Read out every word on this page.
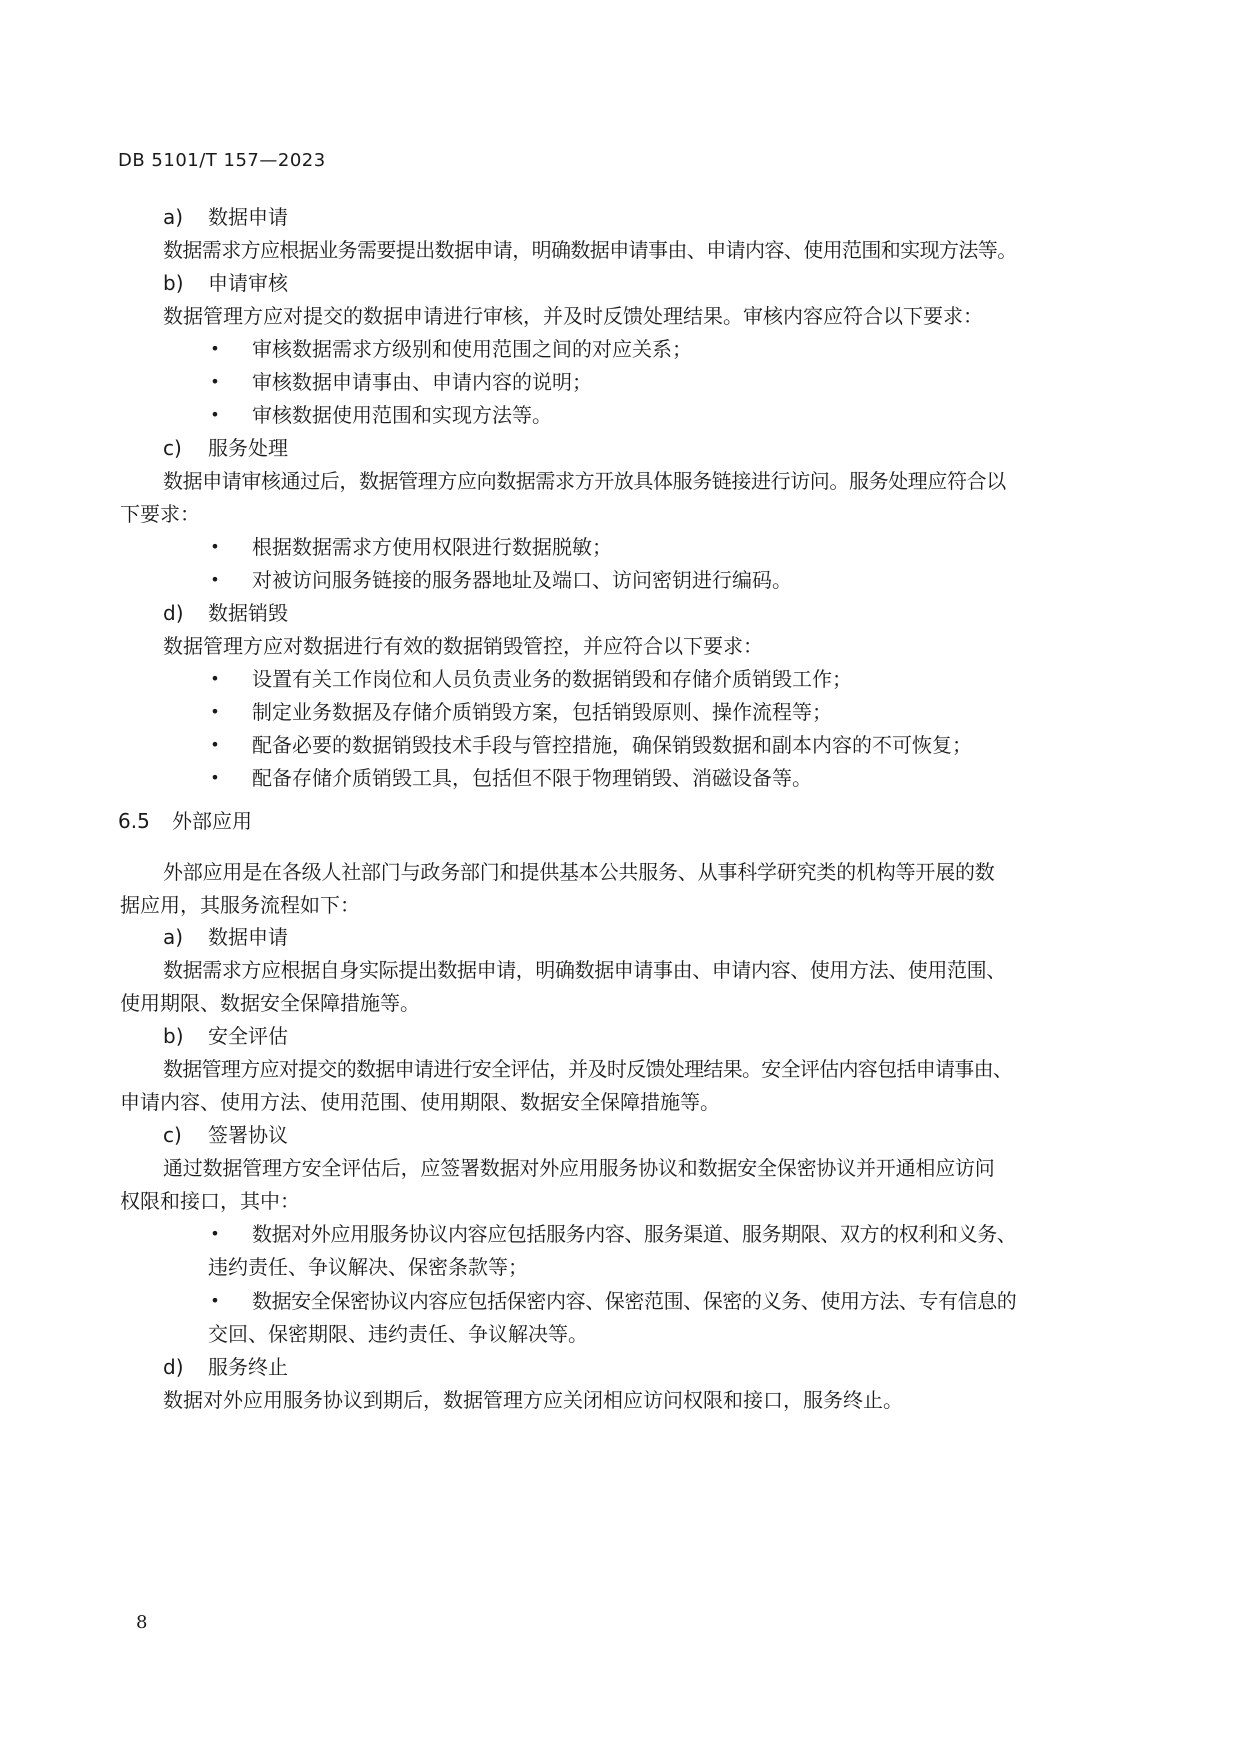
DB 5101/T 157—2023
a)	数据申请
数据需求方应根据业务需要提出数据申请，明确数据申请事由、申请内容、使用范围和实现方法等。
b)	申请审核
数据管理方应对提交的数据申请进行审核，并及时反馈处理结果。审核内容应符合以下要求：
• 审核数据需求方级别和使用范围之间的对应关系；
• 审核数据申请事由、申请内容的说明；
• 审核数据使用范围和实现方法等。
c)	服务处理
数据申请审核通过后，数据管理方应向数据需求方开放具体服务链接进行访问。服务处理应符合以
下要求：
• 根据数据需求方使用权限进行数据脱敏；
• 对被访问服务链接的服务器地址及端口、访问密钥进行编码。
d)	数据销毁
数据管理方应对数据进行有效的数据销毁管控，并应符合以下要求：
• 设置有关工作岗位和人员负责业务的数据销毁和存储介质销毁工作；
• 制定业务数据及存储介质销毁方案，包括销毁原则、操作流程等；
• 配备必要的数据销毁技术手段与管控措施，确保销毁数据和副本内容的不可恢复；
• 配备存储介质销毁工具，包括但不限于物理销毁、消磁设备等。
6.5 外部应用
外部应用是在各级人社部门与政务部门和提供基本公共服务、从事科学研究类的机构等开展的数
据应用，其服务流程如下：
a)	数据申请
数据需求方应根据自身实际提出数据申请，明确数据申请事由、申请内容、使用方法、使用范围、
使用期限、数据安全保障措施等。
b)	安全评估
数据管理方应对提交的数据申请进行安全评估，并及时反馈处理结果。安全评估内容包括申请事由、
申请内容、使用方法、使用范围、使用期限、数据安全保障措施等。
c)	签署协议
通过数据管理方安全评估后，应签署数据对外应用服务协议和数据安全保密协议并开通相应访问
权限和接口，其中：
• 数据对外应用服务协议内容应包括服务内容、服务渠道、服务期限、双方的权利和义务、
违约责任、争议解决、保密条款等；
• 数据安全保密协议内容应包括保密内容、保密范围、保密的义务、使用方法、专有信息的
交回、保密期限、违约责任、争议解决等。
d)	服务终止
数据对外应用服务协议到期后，数据管理方应关闭相应访问权限和接口，服务终止。
8
